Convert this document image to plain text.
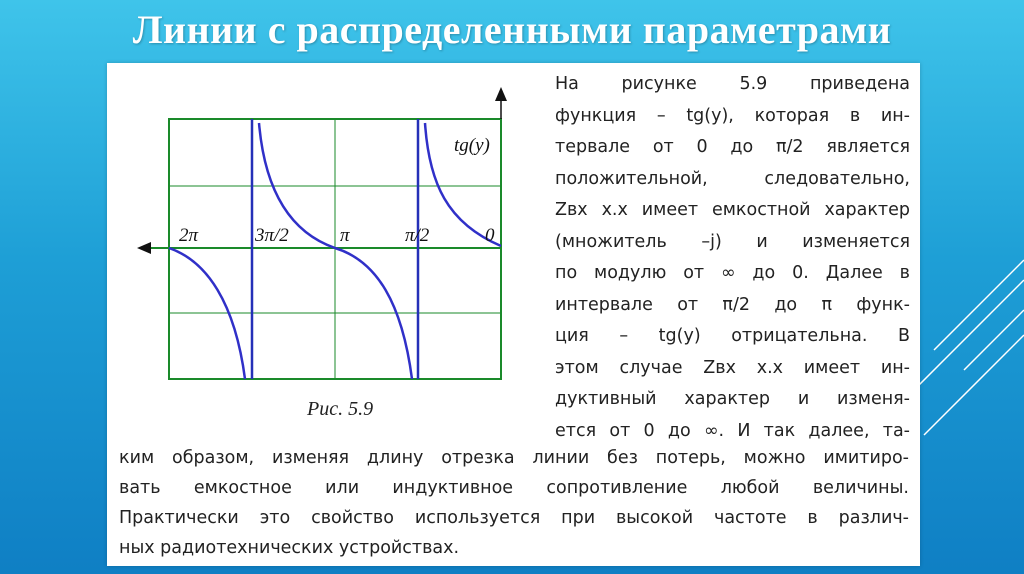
Линии с распределенными параметрами
tg(y)
2π	3π/2	π	π/2	0
Рис. 5.9
На рисунке 5.9 приведена
функция – tg(y), которая в ин-
тервале от 0 до π/2 является
положительной, следовательно,
Zвх х.х имеет емкостной характер
(множитель –j) и изменяется
по модулю от ∞ до 0. Далее в
интервале от π/2 до π функ-
ция – tg(y) отрицательна. В
этом случае Zвх х.х имеет ин-
дуктивный характер и изменя-
ется от 0 до ∞. И так далее, та-
ким образом, изменяя длину отрезка линии без потерь, можно имитиро-
вать емкостное или индуктивное сопротивление любой величины.
Практически это свойство используется при высокой частоте в различ-
ных радиотехнических устройствах.
